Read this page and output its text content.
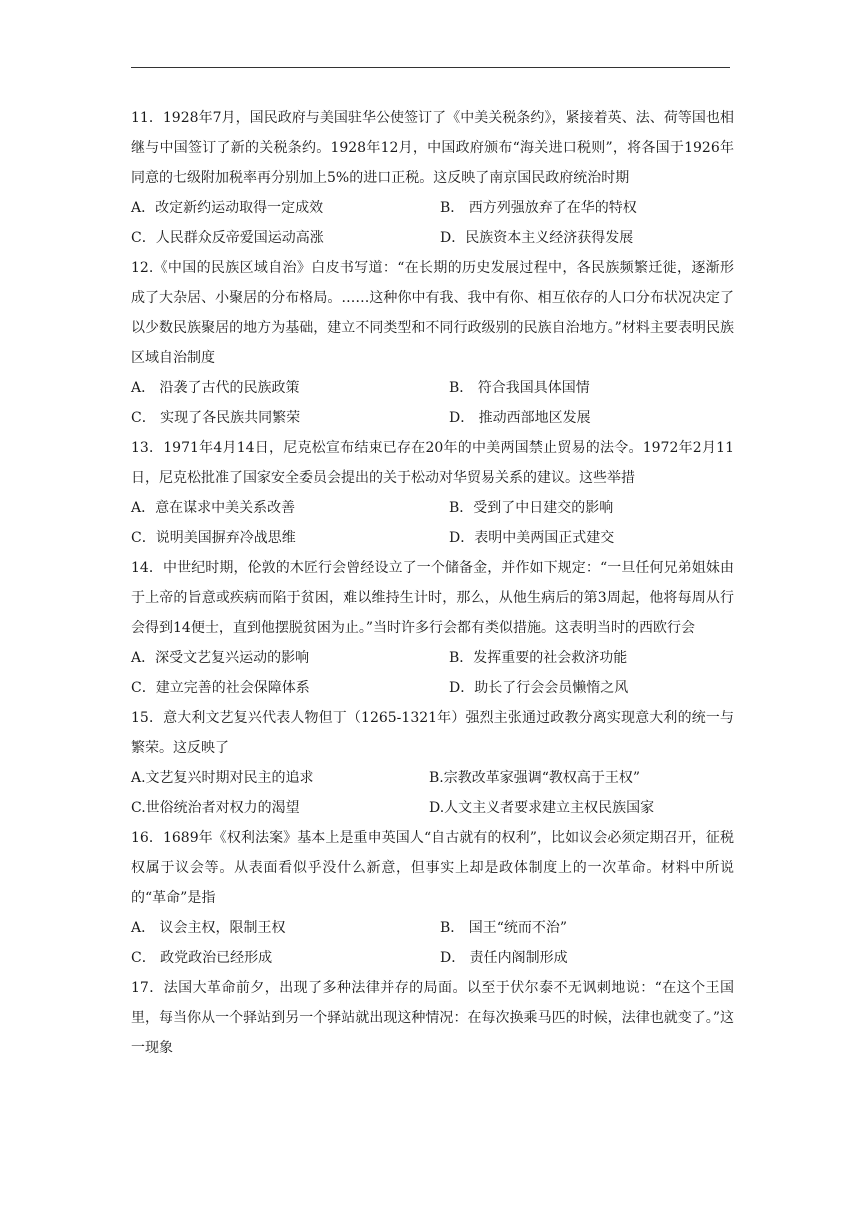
11．1928年7月，国民政府与美国驻华公使签订了《中美关税条约》，紧接着英、法、荷等国也相继与中国签订了新的关税条约。1928年12月，中国政府颁布“海关进口税则”，将各国于1926年同意的七级附加税率再分别加上5%的进口正税。这反映了南京国民政府统治时期

A．改定新约运动取得一定成效	B． 西方列强放弃了在华的特权
C．人民群众反帝爱国运动高涨	D．民族资本主义经济获得发展

12.《中国的民族区域自治》白皮书写道：“在长期的历史发展过程中，各民族频繁迁徙，逐渐形成了大杂居、小聚居的分布格局。……这种你中有我、我中有你、相互依存的人口分布状况决定了以少数民族聚居的地方为基础，建立不同类型和不同行政级别的民族自治地方。”材料主要表明民族区域自治制度

A． 沿袭了古代的民族政策	B． 符合我国具体国情
C． 实现了各民族共同繁荣	D． 推动西部地区发展

13．1971年4月14日，尼克松宣布结束已存在20年的中美两国禁止贸易的法令。1972年2月11日，尼克松批准了国家安全委员会提出的关于松动对华贸易关系的建议。这些举措

A．意在谋求中美关系改善	B．受到了中日建交的影响
C．说明美国摒弃冷战思维	D．表明中美两国正式建交

14．中世纪时期，伦敦的木匠行会曾经设立了一个储备金，并作如下规定：“一旦任何兄弟姐妹由于上帝的旨意或疾病而陷于贫困，难以维持生计时，那么，从他生病后的第3周起，他将每周从行会得到14便士，直到他摆脱贫困为止。”当时许多行会都有类似措施。这表明当时的西欧行会

A．深受文艺复兴运动的影响	B．发挥重要的社会救济功能
C．建立完善的社会保障体系	D．助长了行会会员懒惰之风

15．意大利文艺复兴代表人物但丁（1265-1321年）强烈主张通过政教分离实现意大利的统一与繁荣。这反映了

A.文艺复兴时期对民主的追求	B.宗教改革家强调“教权高于王权”
C.世俗统治者对权力的渴望	D.人文主义者要求建立主权民族国家

16．1689年《权利法案》基本上是重申英国人“自古就有的权利”，比如议会必须定期召开，征税权属于议会等。从表面看似乎没什么新意，但事实上却是政体制度上的一次革命。材料中所说的“革命”是指

A． 议会主权，限制王权	B． 国王“统而不治”
C． 政党政治已经形成	D． 责任内阁制形成

17．法国大革命前夕，出现了多种法律并存的局面。以至于伏尔泰不无讽刺地说：“在这个王国里，每当你从一个驿站到另一个驿站就出现这种情况：在每次换乘马匹的时候，法律也就变了。”这一现象
